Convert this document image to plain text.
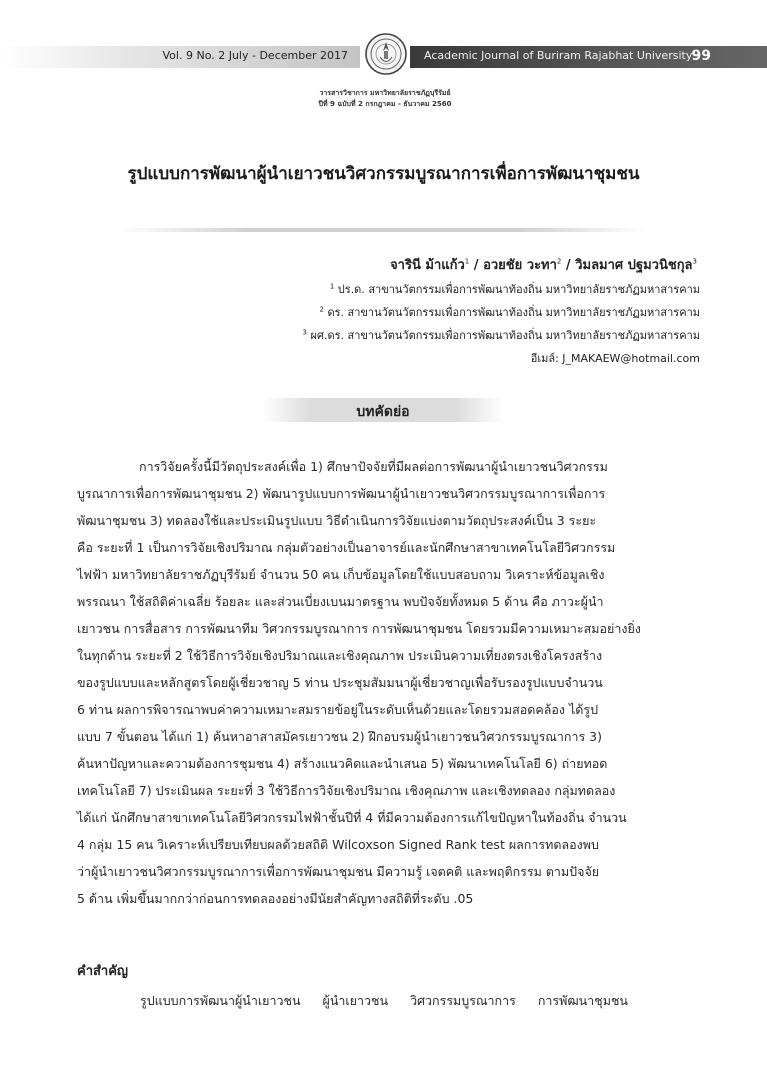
Vol. 9 No. 2 July - December 2017	Academic Journal of Buriram Rajabhat University 99
วารสารวิชาการ มหาวิทยาลัยราชภัฏบุรีรัมย์
ปีที่ 9 ฉบับที่ 2 กรกฎาคม - ธันวาคม 2560
รูปแบบการพัฒนาผู้นำเยาวชนวิศวกรรมบูรณาการเพื่อการพัฒนาชุมชน
จารินี ม้าแก้ว$^1$ / อวยชัย วะทา$^2$ / วิมลมาศ ปฐมวนิชกุล$^3$
$^1$ ปร.ด. สาขานวัตกรรมเพื่อการพัฒนาท้องถิ่น มหาวิทยาลัยราชภัฏมหาสารคาม
$^2$ ดร. สาขานวัตนวัตกรรมเพื่อการพัฒนาท้องถิ่น มหาวิทยาลัยราชภัฏมหาสารคาม
$^3$ ผศ.ดร. สาขานวัตนวัตกรรมเพื่อการพัฒนาท้องถิ่น มหาวิทยาลัยราชภัฏมหาสารคาม
อีเมล์: J_MAKAEW@hotmail.com
บทคัดย่อ
การวิจัยครั้งนี้มีวัตถุประสงค์เพื่อ 1) ศึกษาปัจจัยที่มีผลต่อการพัฒนาผู้นำเยาวชนวิศวกรรม
บูรณาการเพื่อการพัฒนาชุมชน 2) พัฒนารูปแบบการพัฒนาผู้นำเยาวชนวิศวกรรมบูรณาการเพื่อการ
พัฒนาชุมชน 3) ทดลองใช้และประเมินรูปแบบ วิธีดำเนินการวิจัยแบ่งตามวัตถุประสงค์เป็น 3 ระยะ
คือ ระยะที่ 1 เป็นการวิจัยเชิงปริมาณ กลุ่มตัวอย่างเป็นอาจารย์และนักศึกษาสาขาเทคโนโลยีวิศวกรรม
ไฟฟ้า มหาวิทยาลัยราชภัฏบุรีรัมย์ จำนวน 50 คน เก็บข้อมูลโดยใช้แบบสอบถาม วิเคราะห์ข้อมูลเชิง
พรรณนา ใช้สถิติค่าเฉลี่ย ร้อยละ และส่วนเบี่ยงเบนมาตรฐาน พบปัจจัยทั้งหมด 5 ด้าน คือ ภาวะผู้นำ
เยาวชน การสื่อสาร การพัฒนาทีม วิศวกรรมบูรณาการ การพัฒนาชุมชน โดยรวมมีความเหมาะสมอย่างยิ่ง
ในทุกด้าน ระยะที่ 2 ใช้วิธีการวิจัยเชิงปริมาณและเชิงคุณภาพ ประเมินความเที่ยงตรงเชิงโครงสร้าง
ของรูปแบบและหลักสูตรโดยผู้เชี่ยวชาญ 5 ท่าน ประชุมสัมมนาผู้เชี่ยวชาญเพื่อรับรองรูปแบบจำนวน
6 ท่าน ผลการพิจารณาพบค่าความเหมาะสมรายข้อยู่ในระดับเห็นด้วยและโดยรวมสอดคล้อง ได้รูป
แบบ 7 ขั้นตอน ได้แก่ 1) ค้นหาอาสาสมัครเยาวชน 2) ฝึกอบรมผู้นำเยาวชนวิศวกรรมบูรณาการ 3)
ค้นหาปัญหาและความต้องการชุมชน 4) สร้างแนวคิดและนำเสนอ 5) พัฒนาเทคโนโลยี 6) ถ่ายทอด
เทคโนโลยี 7) ประเมินผล ระยะที่ 3 ใช้วิธีการวิจัยเชิงปริมาณ เชิงคุณภาพ และเชิงทดลอง กลุ่มทดลอง
ได้แก่ นักศึกษาสาขาเทคโนโลยีวิศวกรรมไฟฟ้าชั้นปีที่ 4 ที่มีความต้องการแก้ไขปัญหาในท้องถิ่น จำนวน
4 กลุ่ม 15 คน วิเคราะห์เปรียบเทียบผลด้วยสถิติ Wilcoxson Signed Rank test ผลการทดลองพบ
ว่าผู้นำเยาวชนวิศวกรรมบูรณาการเพื่อการพัฒนาชุมชน มีความรู้ เจตคติ และพฤติกรรม ตามปัจจัย
5 ด้าน เพิ่มขึ้นมากกว่าก่อนการทดลองอย่างมีนัยสำคัญทางสถิติที่ระดับ .05
คำสำคัญ
รูปแบบการพัฒนาผู้นำเยาวชน ผู้นำเยาวชน วิศวกรรมบูรณาการ การพัฒนาชุมชน
